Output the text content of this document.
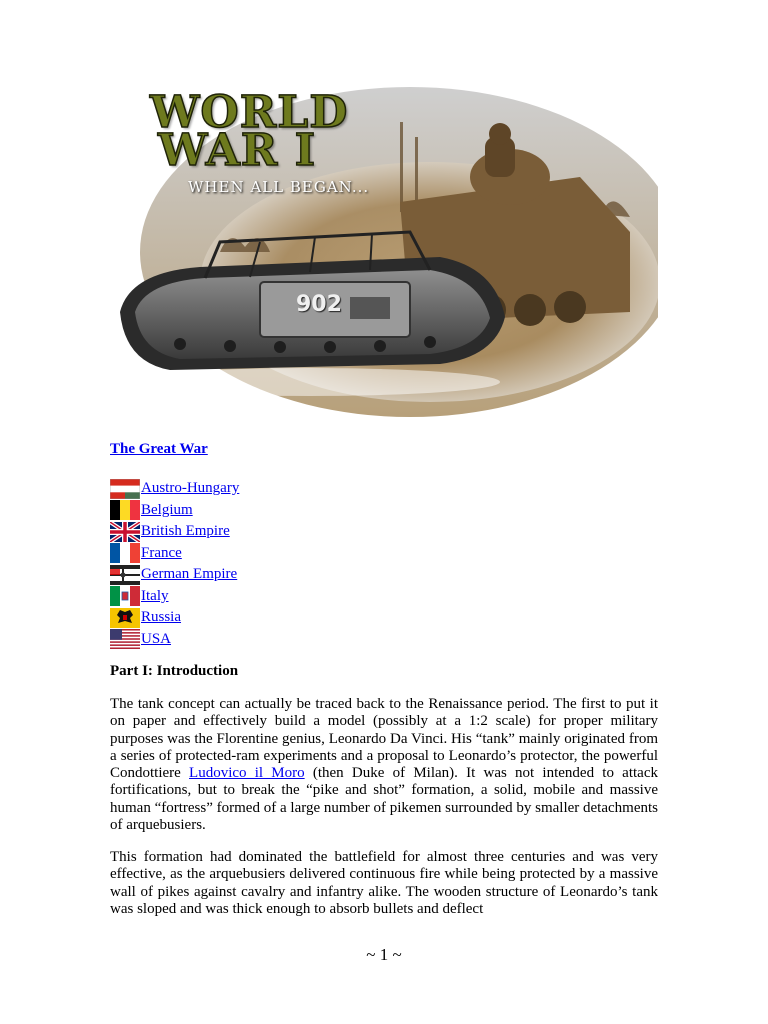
WORLD
WAR I
WHEN ALL BEGAN...
902
The Great War
Austro-Hungary
Belgium
British Empire
France
German Empire
Italy
Russia
USA
Part I: Introduction

The tank concept can actually be traced back to the Renaissance period. The first to put it on paper and effectively build a model (possibly at a 1:2 scale) for proper military purposes was the Florentine genius, Leonardo Da Vinci. His “tank” mainly originated from a series of protected-ram experiments and a proposal to Leonardo’s protector, the powerful Condottiere Ludovico il Moro (then Duke of Milan). It was not intended to attack fortifications, but to break the “pike and shot” formation, a solid, mobile and massive human “fortress” formed of a large number of pikemen surrounded by smaller detachments of arquebusiers.

This formation had dominated the battlefield for almost three centuries and was very effective, as the arquebusiers delivered continuous fire while being protected by a massive wall of pikes against cavalry and infantry alike. The wooden structure of Leonardo’s tank was sloped and was thick enough to absorb bullets and deflect

~ 1 ~
